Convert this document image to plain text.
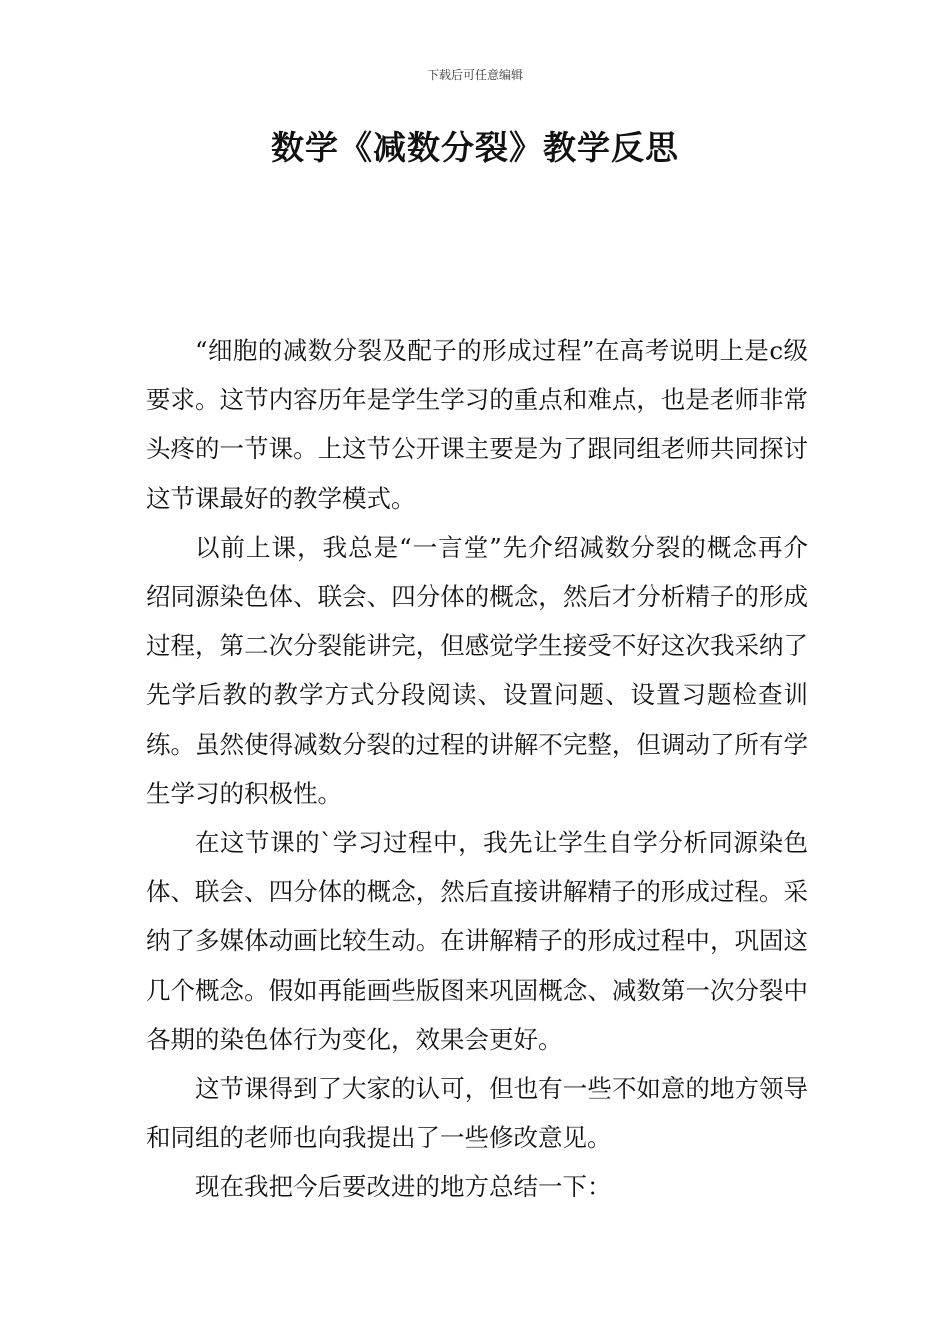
下载后可任意编辑
数学《减数分裂》教学反思

“细胞的减数分裂及配子的形成过程”在高考说明上是c级要求。这节内容历年是学生学习的重点和难点，也是老师非常头疼的一节课。上这节公开课主要是为了跟同组老师共同探讨这节课最好的教学模式。

以前上课，我总是“一言堂”先介绍减数分裂的概念再介绍同源染色体、联会、四分体的概念，然后才分析精子的形成过程，第二次分裂能讲完，但感觉学生接受不好这次我采纳了先学后教的教学方式分段阅读、设置问题、设置习题检查训练。虽然使得减数分裂的过程的讲解不完整，但调动了所有学生学习的积极性。

在这节课的`学习过程中，我先让学生自学分析同源染色体、联会、四分体的概念，然后直接讲解精子的形成过程。采纳了多媒体动画比较生动。在讲解精子的形成过程中，巩固这几个概念。假如再能画些版图来巩固概念、减数第一次分裂中各期的染色体行为变化，效果会更好。

这节课得到了大家的认可，但也有一些不如意的地方领导和同组的老师也向我提出了一些修改意见。

现在我把今后要改进的地方总结一下：
